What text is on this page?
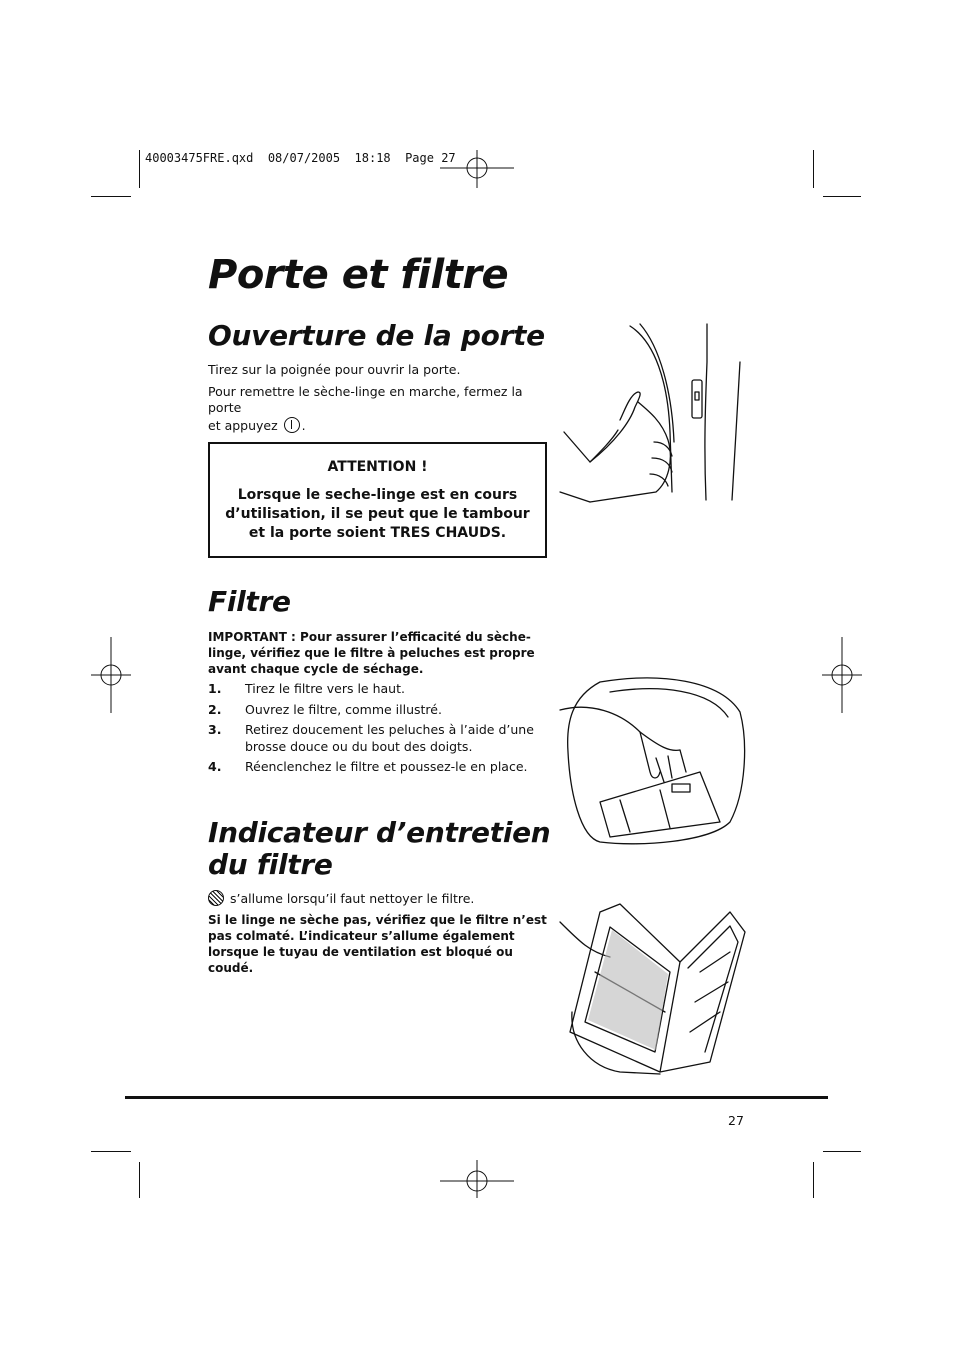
40003475FRE.qxd  08/07/2005  18:18  Page 27
Porte et filtre
Ouverture de la porte

Tirez sur la poignée pour ouvrir la porte.

Pour remettre le sèche-linge en marche, fermez la porte

et appuyez .

ATTENTION !
Lorsque le seche-linge est en cours d’utilisation, il se peut que le tambour et la porte soient TRES CHAUDS.
Filtre

IMPORTANT : Pour assurer l’efficacité du sèche-linge, vérifiez que le filtre à peluches est propre avant chaque cycle de séchage.

1. Tirez le filtre vers le haut.
2. Ouvrez le filtre, comme illustré.
3. Retirez doucement les peluches à l’aide d’une brosse douce ou du bout des doigts.
4. Réenclenchez le filtre et poussez-le en place.
Indicateur d’entretien du filtre

s’allume lorsqu’il faut nettoyer le filtre.

Si le linge ne sèche pas, vérifiez que le filtre n’est pas colmaté. L’indicateur s’allume également lorsque le tuyau de ventilation est bloqué ou coudé.

27
